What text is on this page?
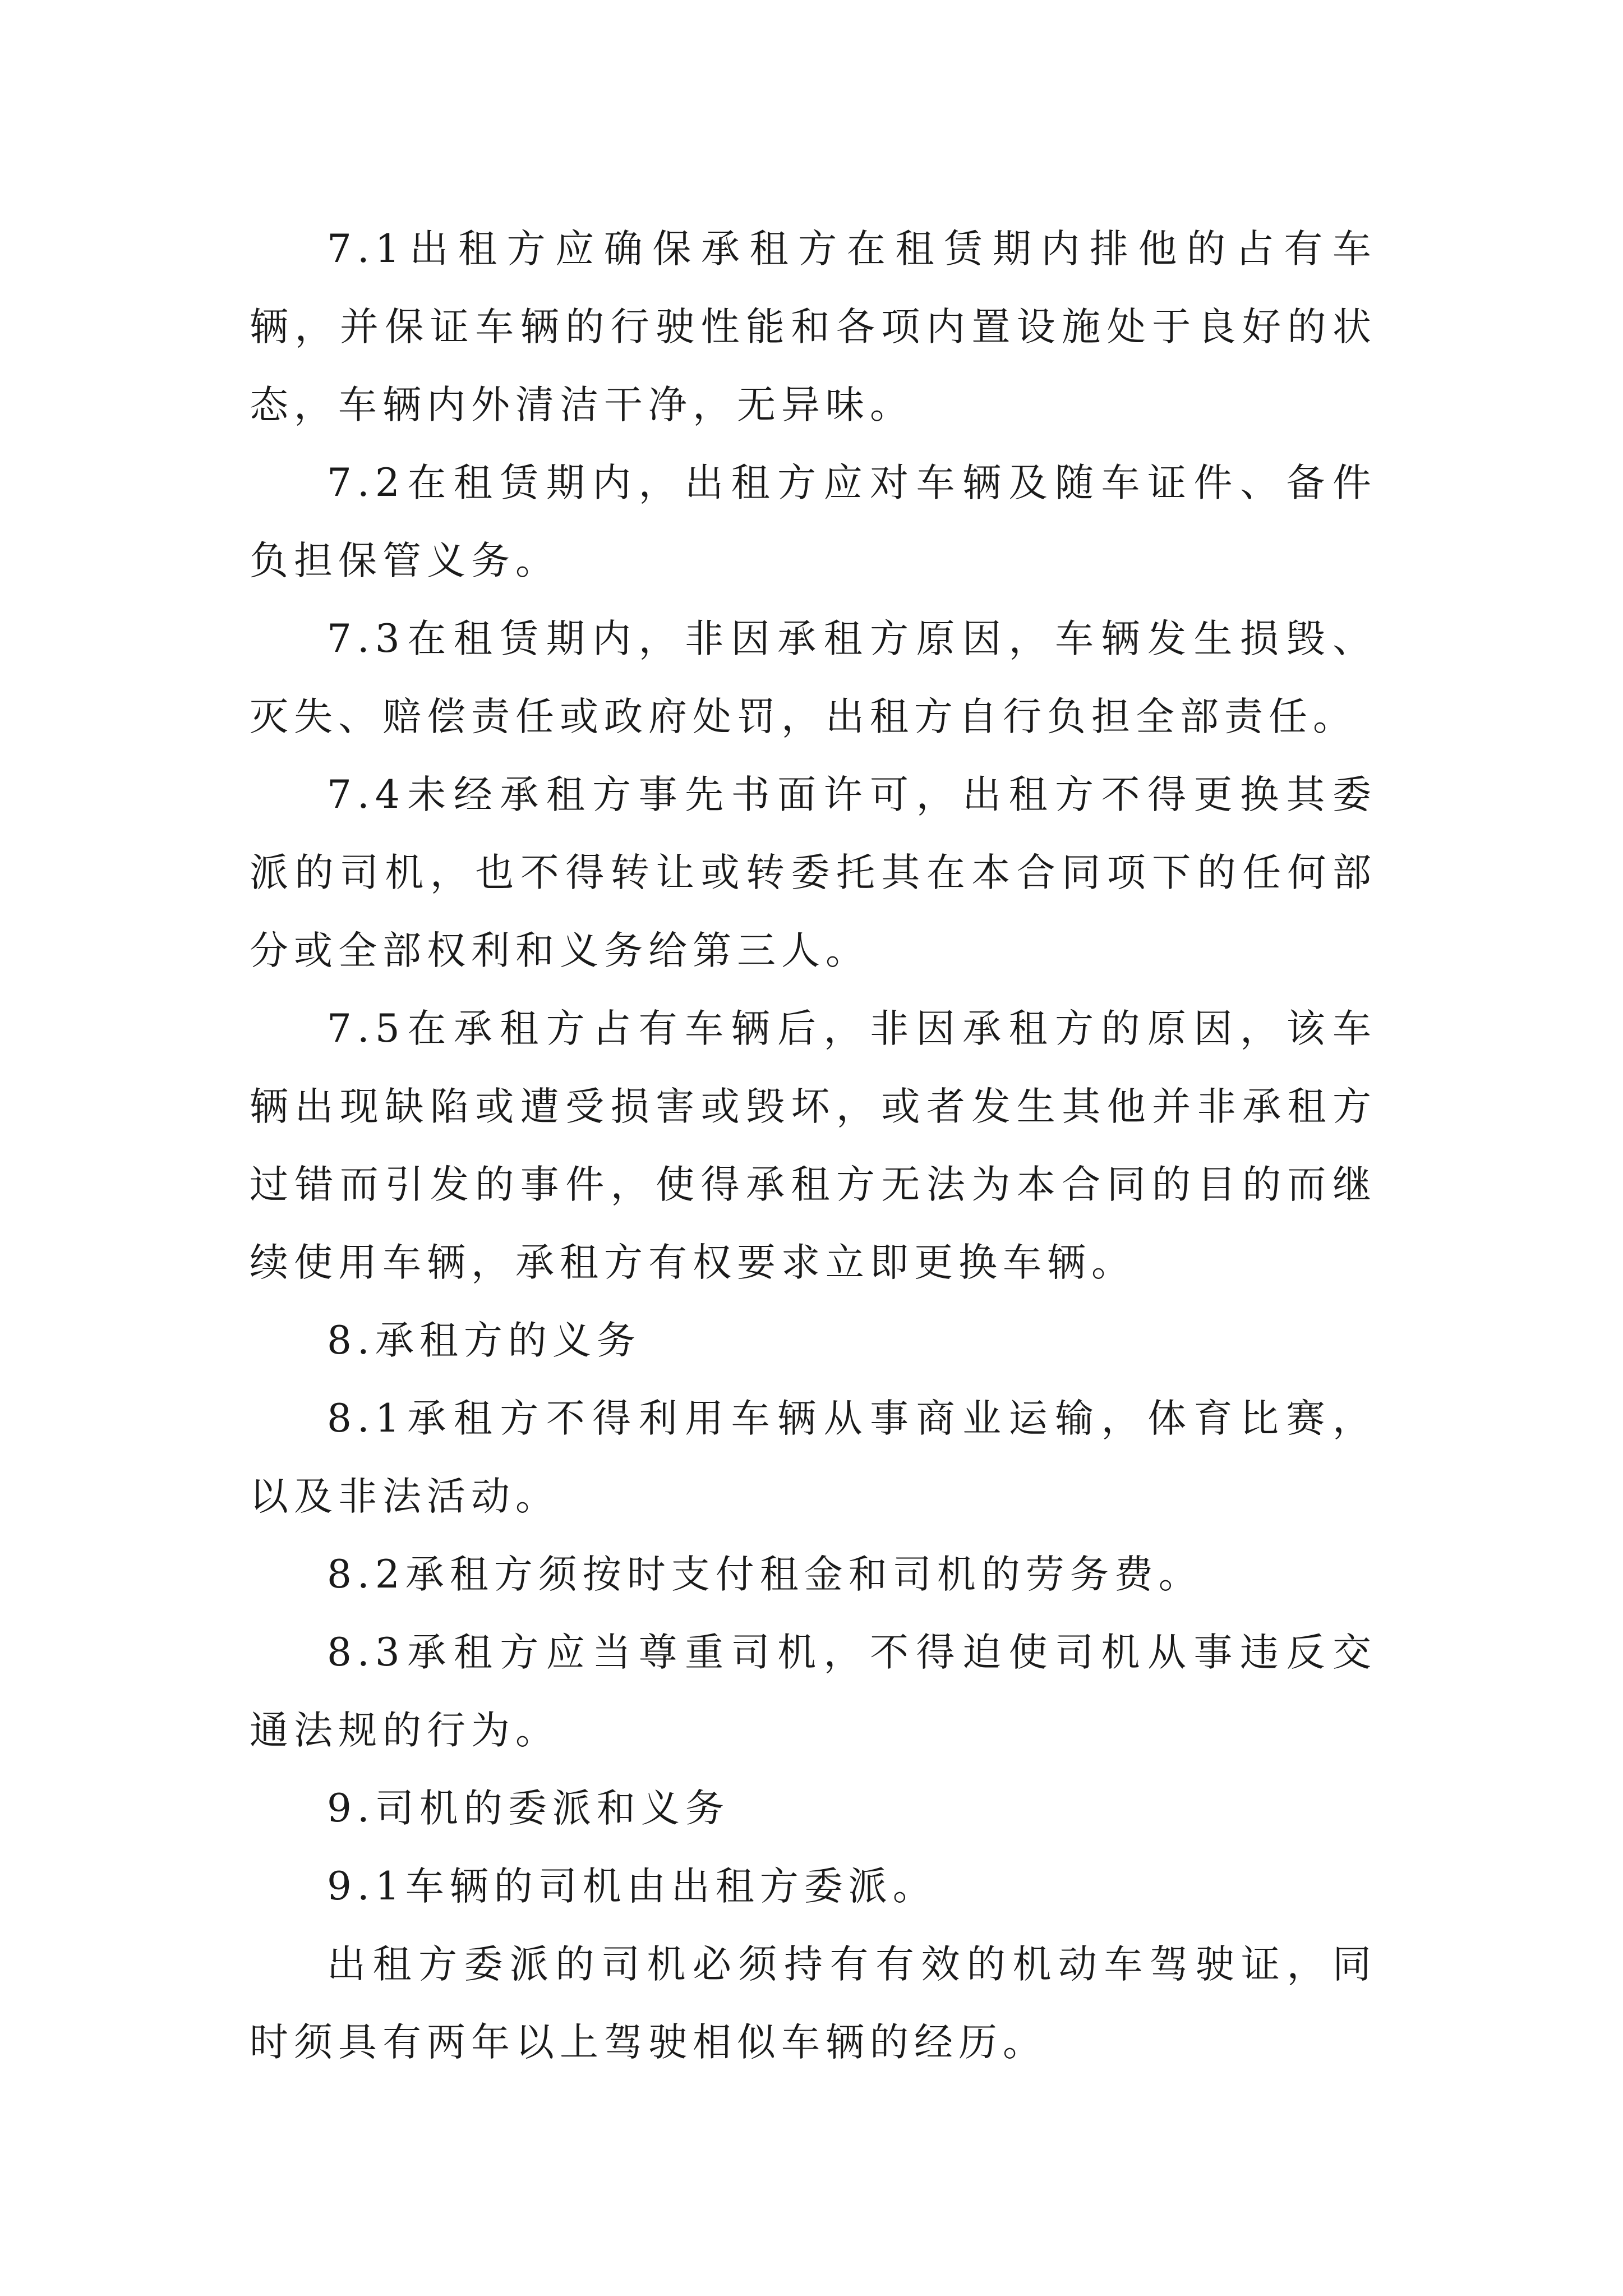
7.1出租方应确保承租方在租赁期内排他的占有车辆，并保证车辆的行驶性能和各项内置设施处于良好的状态，车辆内外清洁干净，无异味。

7.2在租赁期内，出租方应对车辆及随车证件、备件负担保管义务。

7.3在租赁期内，非因承租方原因，车辆发生损毁、灭失、赔偿责任或政府处罚，出租方自行负担全部责任。

7.4未经承租方事先书面许可，出租方不得更换其委派的司机，也不得转让或转委托其在本合同项下的任何部分或全部权利和义务给第三人。

7.5在承租方占有车辆后，非因承租方的原因，该车辆出现缺陷或遭受损害或毁坏，或者发生其他并非承租方过错而引发的事件，使得承租方无法为本合同的目的而继续使用车辆，承租方有权要求立即更换车辆。

8.承租方的义务

8.1承租方不得利用车辆从事商业运输，体育比赛，以及非法活动。

8.2承租方须按时支付租金和司机的劳务费。

8.3承租方应当尊重司机，不得迫使司机从事违反交通法规的行为。

9.司机的委派和义务

9.1车辆的司机由出租方委派。

出租方委派的司机必须持有有效的机动车驾驶证，同时须具有两年以上驾驶相似车辆的经历。
